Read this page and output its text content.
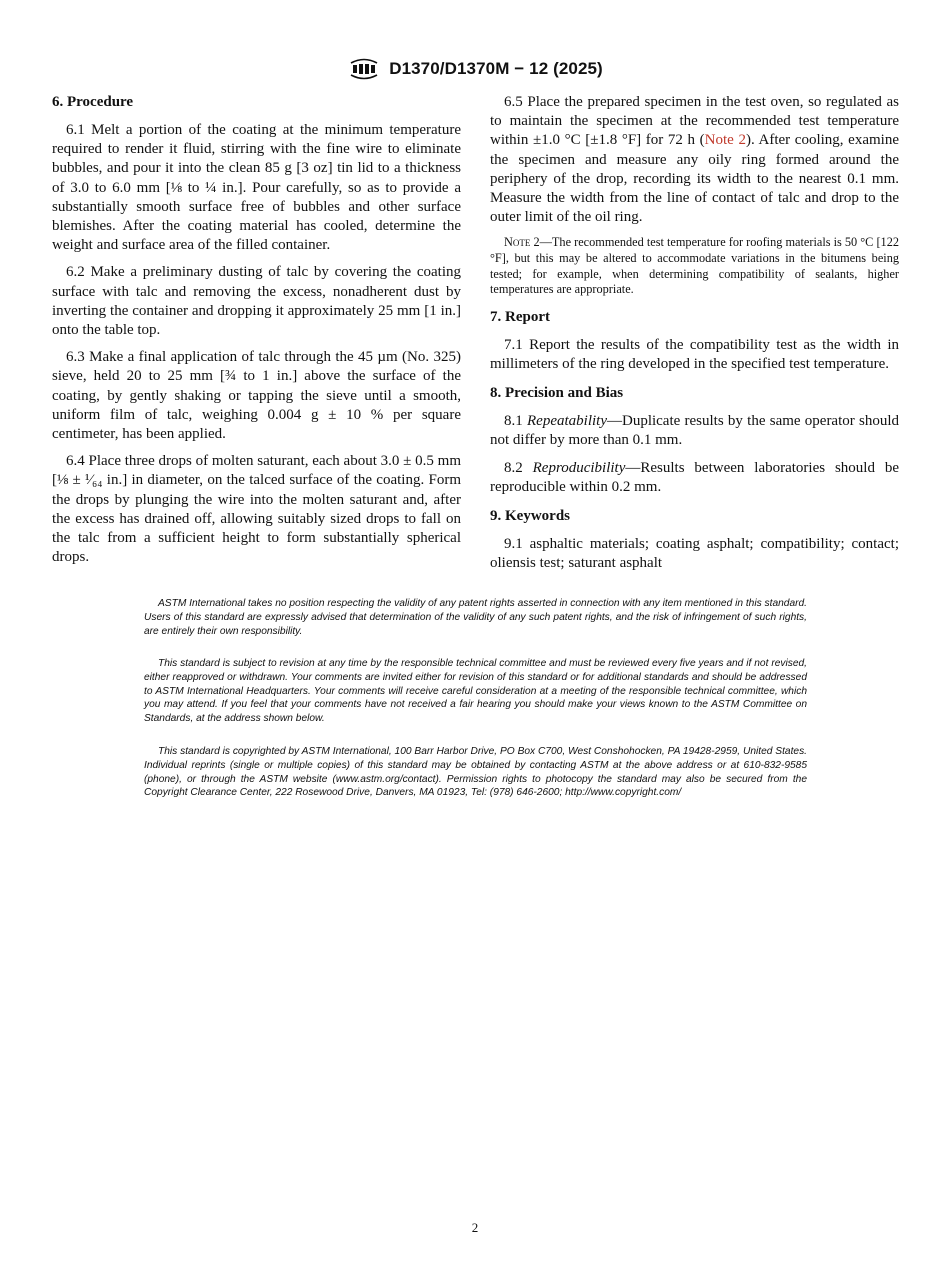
D1370/D1370M − 12 (2025)
6. Procedure

6.1 Melt a portion of the coating at the minimum temperature required to render it fluid, stirring with the fine wire to eliminate bubbles, and pour it into the clean 85 g [3 oz] tin lid to a thickness of 3.0 to 6.0 mm [⅛ to ¼ in.]. Pour carefully, so as to provide a substantially smooth surface free of bubbles and other surface blemishes. After the coating material has cooled, determine the weight and surface area of the filled container.

6.2 Make a preliminary dusting of talc by covering the coating surface with talc and removing the excess, nonadherent dust by inverting the container and dropping it approximately 25 mm [1 in.] onto the table top.

6.3 Make a final application of talc through the 45 µm (No. 325) sieve, held 20 to 25 mm [¾ to 1 in.] above the surface of the coating, by gently shaking or tapping the sieve until a smooth, uniform film of talc, weighing 0.004 g ± 10 % per square centimeter, has been applied.

6.4 Place three drops of molten saturant, each about 3.0 ± 0.5 mm [⅛ ± ¹⁄₆₄ in.] in diameter, on the talced surface of the coating. Form the drops by plunging the wire into the molten saturant and, after the excess has drained off, allowing suitably sized drops to fall on the talc from a sufficient height to form substantially spherical drops.

6.5 Place the prepared specimen in the test oven, so regulated as to maintain the specimen at the recommended test temperature within ±1.0 °C [±1.8 °F] for 72 h (Note 2). After cooling, examine the specimen and measure any oily ring formed around the periphery of the drop, recording its width to the nearest 0.1 mm. Measure the width from the line of contact of talc and drop to the outer limit of the oil ring.

Note 2—The recommended test temperature for roofing materials is 50 °C [122 °F], but this may be altered to accommodate variations in the bitumens being tested; for example, when determining compatibility of sealants, higher temperatures are appropriate.

7. Report

7.1 Report the results of the compatibility test as the width in millimeters of the ring developed in the specified test temperature.

8. Precision and Bias

8.1 Repeatability—Duplicate results by the same operator should not differ by more than 0.1 mm.

8.2 Reproducibility—Results between laboratories should be reproducible within 0.2 mm.

9. Keywords

9.1 asphaltic materials; coating asphalt; compatibility; contact; oliensis test; saturant asphalt

ASTM International takes no position respecting the validity of any patent rights asserted in connection with any item mentioned in this standard. Users of this standard are expressly advised that determination of the validity of any such patent rights, and the risk of infringement of such rights, are entirely their own responsibility.

This standard is subject to revision at any time by the responsible technical committee and must be reviewed every five years and if not revised, either reapproved or withdrawn. Your comments are invited either for revision of this standard or for additional standards and should be addressed to ASTM International Headquarters. Your comments will receive careful consideration at a meeting of the responsible technical committee, which you may attend. If you feel that your comments have not received a fair hearing you should make your views known to the ASTM Committee on Standards, at the address shown below.

This standard is copyrighted by ASTM International, 100 Barr Harbor Drive, PO Box C700, West Conshohocken, PA 19428-2959, United States. Individual reprints (single or multiple copies) of this standard may be obtained by contacting ASTM at the above address or at 610-832-9585 (phone), or through the ASTM website (www.astm.org/contact). Permission rights to photocopy the standard may also be secured from the Copyright Clearance Center, 222 Rosewood Drive, Danvers, MA 01923, Tel: (978) 646-2600; http://www.copyright.com/

2
